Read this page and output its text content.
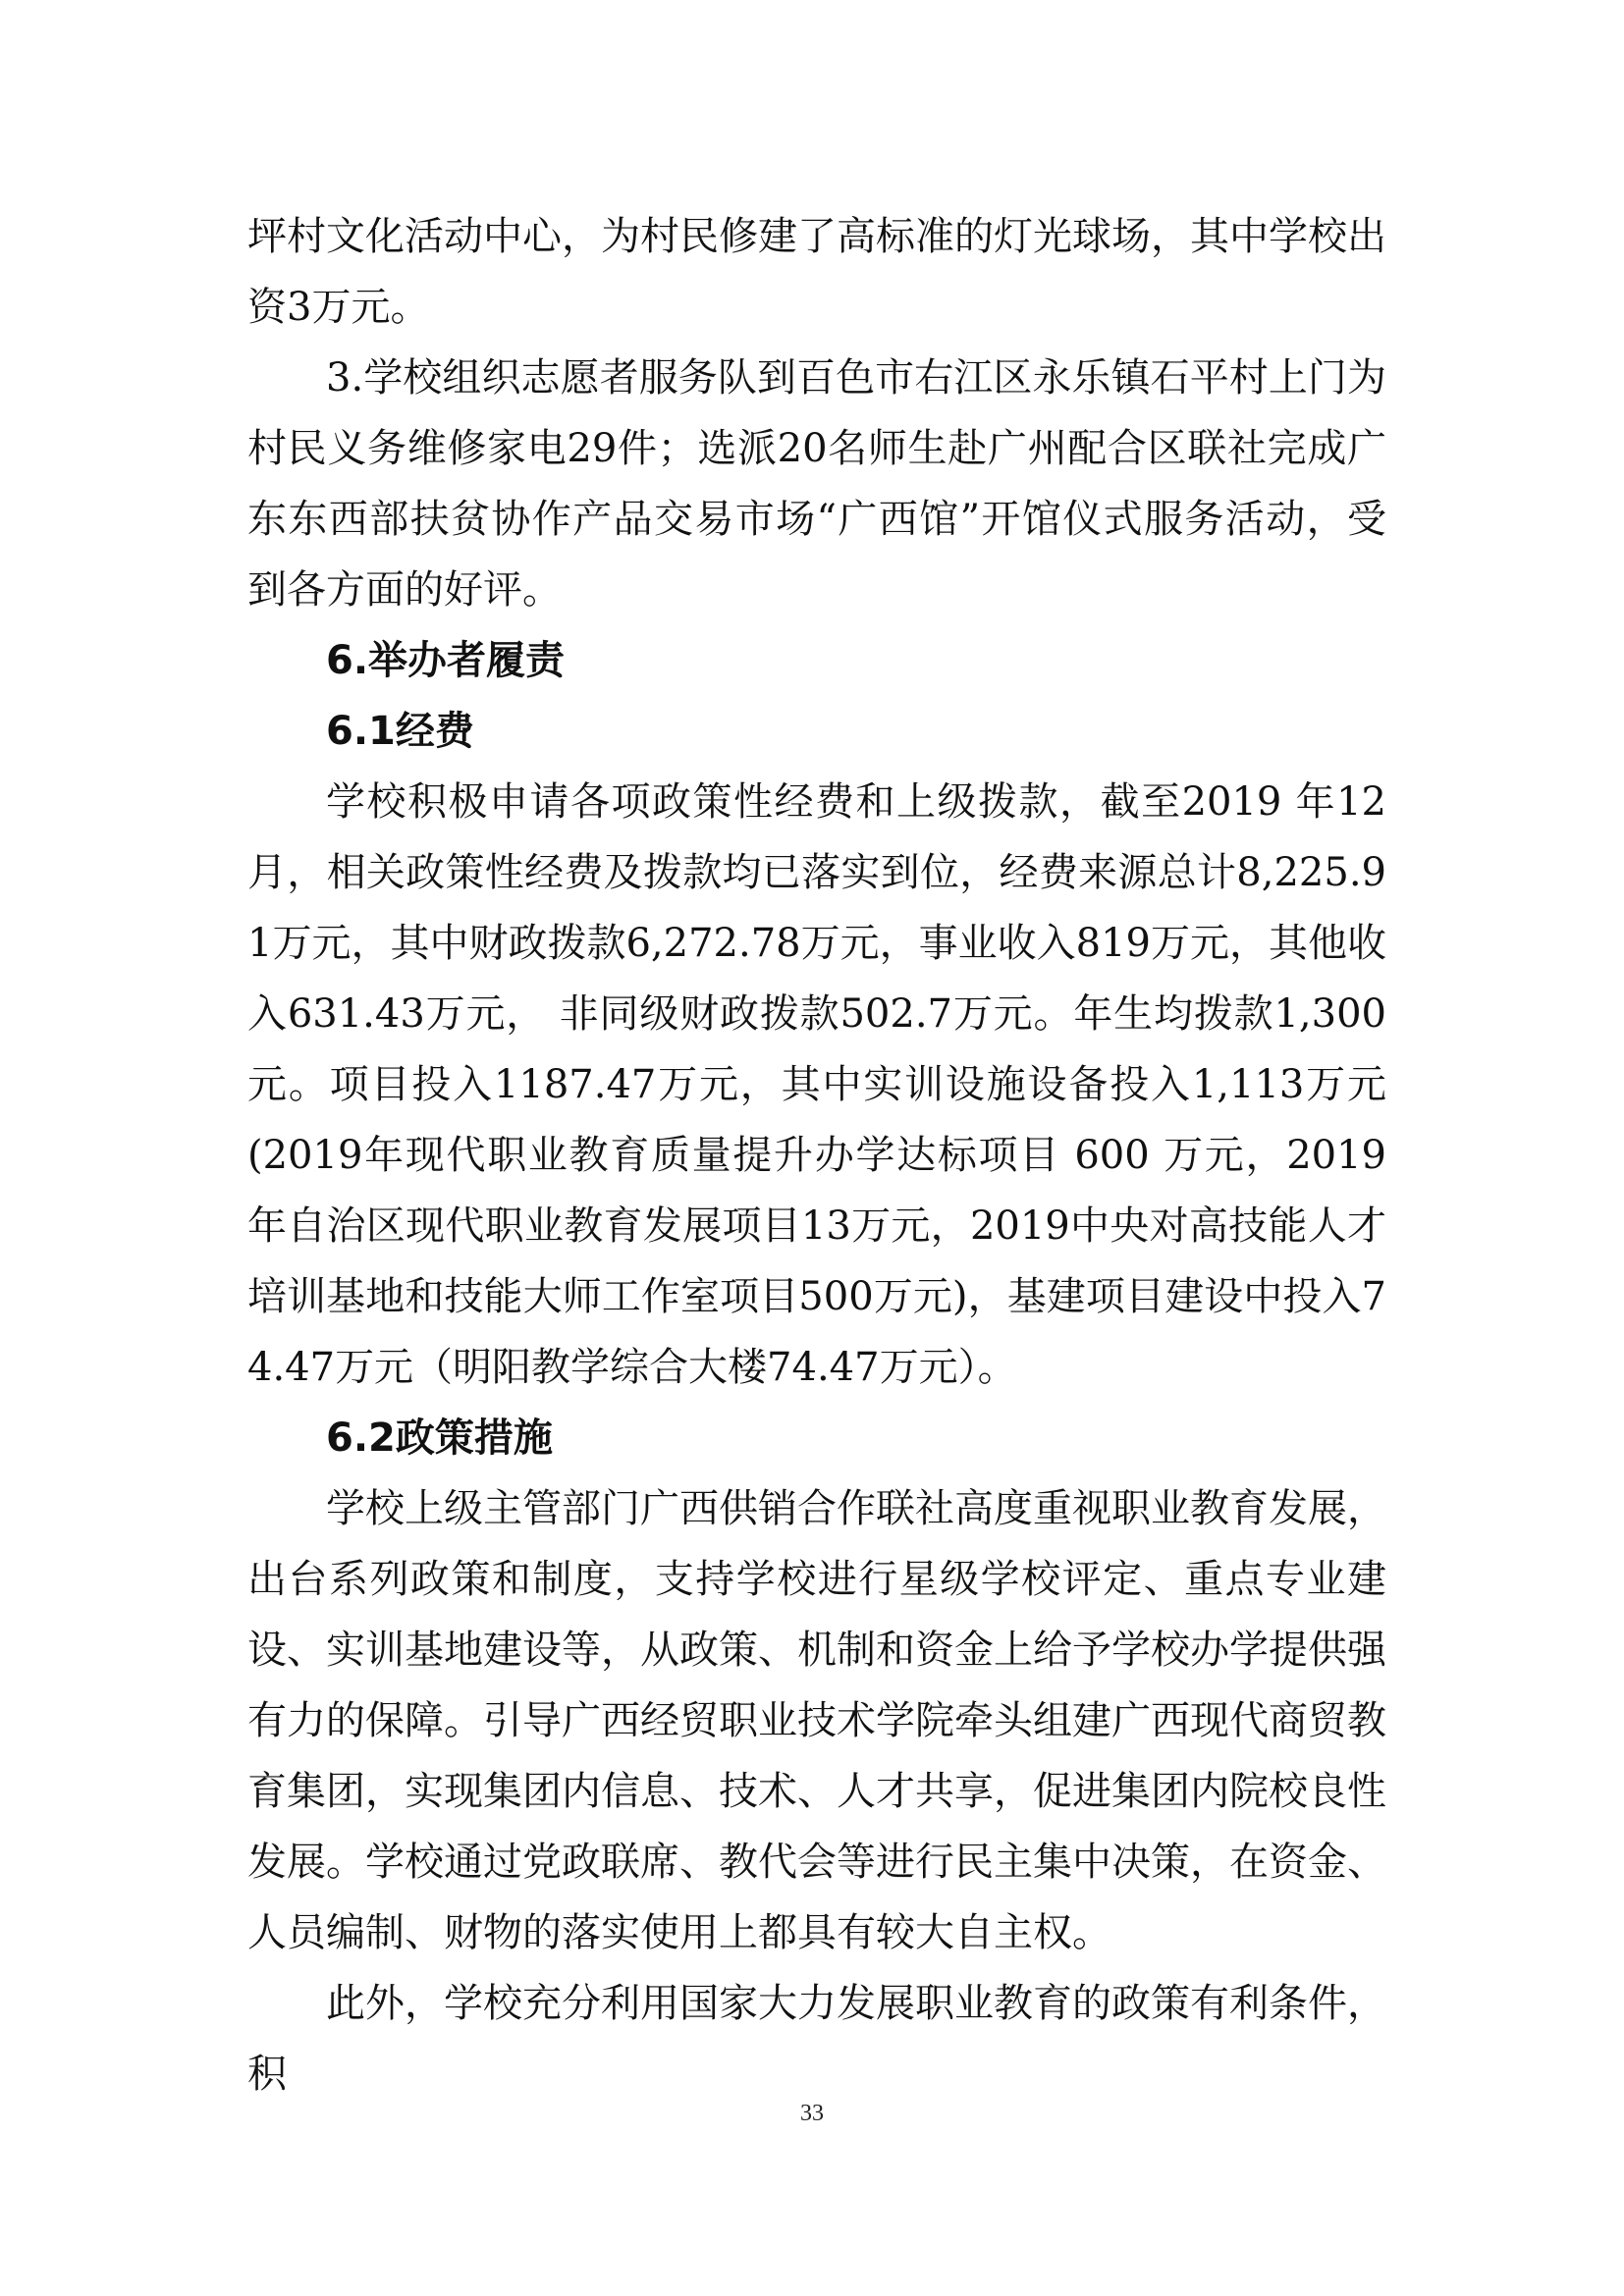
坪村文化活动中心，为村民修建了高标准的灯光球场，其中学校出资3万元。

3.学校组织志愿者服务队到百色市右江区永乐镇石平村上门为村民义务维修家电29件；选派20名师生赴广州配合区联社完成广东东西部扶贫协作产品交易市场“广西馆”开馆仪式服务活动，受到各方面的好评。

6.举办者履责

6.1经费

学校积极申请各项政策性经费和上级拨款，截至2019 年12月，相关政策性经费及拨款均已落实到位，经费来源总计8,225.91万元，其中财政拨款6,272.78万元，事业收入819万元，其他收入631.43万元， 非同级财政拨款502.7万元。年生均拨款1,300元。项目投入1187.47万元，其中实训设施设备投入1,113万元(2019年现代职业教育质量提升办学达标项目 600 万元，2019 年自治区现代职业教育发展项目13万元，2019中央对高技能人才培训基地和技能大师工作室项目500万元)，基建项目建设中投入74.47万元（明阳教学综合大楼74.47万元）。

6.2政策措施

学校上级主管部门广西供销合作联社高度重视职业教育发展，出台系列政策和制度，支持学校进行星级学校评定、重点专业建设、实训基地建设等，从政策、机制和资金上给予学校办学提供强有力的保障。引导广西经贸职业技术学院牵头组建广西现代商贸教育集团，实现集团内信息、技术、人才共享，促进集团内院校良性发展。学校通过党政联席、教代会等进行民主集中决策，在资金、人员编制、财物的落实使用上都具有较大自主权。

此外，学校充分利用国家大力发展职业教育的政策有利条件，积

33
